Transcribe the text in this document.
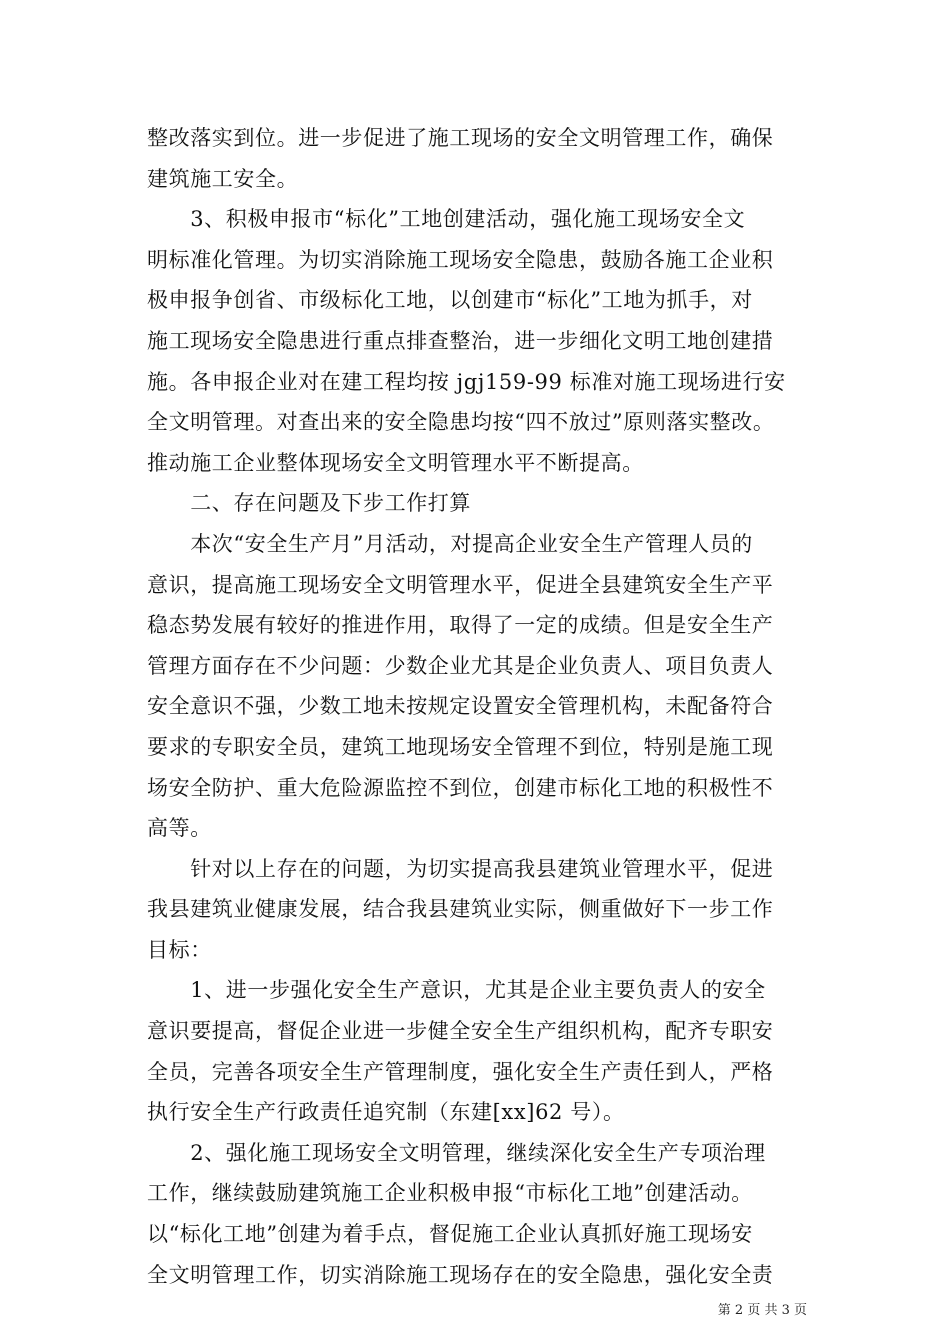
整改落实到位。进一步促进了施工现场的安全文明管理工作，确保
建筑施工安全。
　　3、积极申报市“标化”工地创建活动，强化施工现场安全文
明标准化管理。为切实消除施工现场安全隐患，鼓励各施工企业积
极申报争创省、市级标化工地，以创建市“标化”工地为抓手，对
施工现场安全隐患进行重点排查整治，进一步细化文明工地创建措
施。各申报企业对在建工程均按 jgj159-99 标准对施工现场进行安
全文明管理。对查出来的安全隐患均按“四不放过”原则落实整改。
推动施工企业整体现场安全文明管理水平不断提高。
　　二、存在问题及下步工作打算
　　本次“安全生产月”月活动，对提高企业安全生产管理人员的
意识，提高施工现场安全文明管理水平，促进全县建筑安全生产平
稳态势发展有较好的推进作用，取得了一定的成绩。但是安全生产
管理方面存在不少问题：少数企业尤其是企业负责人、项目负责人
安全意识不强，少数工地未按规定设置安全管理机构，未配备符合
要求的专职安全员，建筑工地现场安全管理不到位，特别是施工现
场安全防护、重大危险源监控不到位，创建市标化工地的积极性不
高等。
　　针对以上存在的问题，为切实提高我县建筑业管理水平，促进
我县建筑业健康发展，结合我县建筑业实际，侧重做好下一步工作
目标：
　　1、进一步强化安全生产意识，尤其是企业主要负责人的安全
意识要提高，督促企业进一步健全安全生产组织机构，配齐专职安
全员，完善各项安全生产管理制度，强化安全生产责任到人，严格
执行安全生产行政责任追究制（东建[xx]62 号）。
　　2、强化施工现场安全文明管理，继续深化安全生产专项治理
工作，继续鼓励建筑施工企业积极申报“市标化工地”创建活动。
以“标化工地”创建为着手点，督促施工企业认真抓好施工现场安
全文明管理工作，切实消除施工现场存在的安全隐患，强化安全责
第 2 页 共 3 页
